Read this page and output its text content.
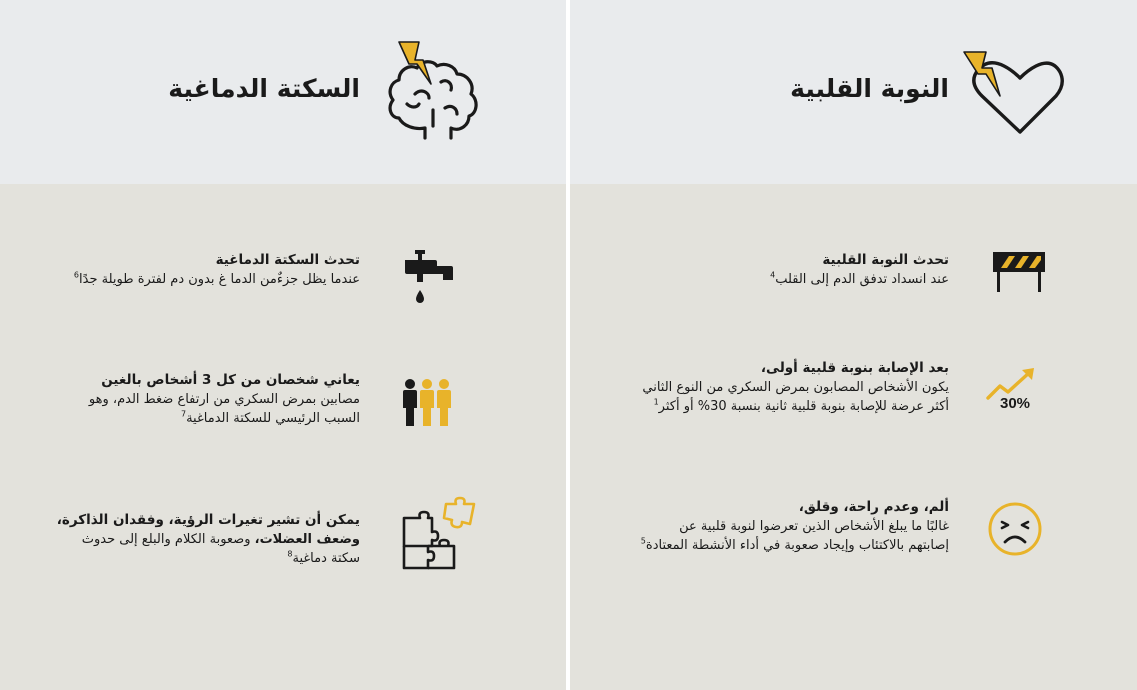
السكتة الدماغية
تحدث السكتة الدماغية
عندما يظل جزءٌمن الدما غ بدون دم لفترة طويلة جدًا$^6$
يعاني شخصان من كل 3 أشخاص بالغين
مصابين بمرض السكري من ارتفاع ضغط الدم، وهو
السبب الرئيسي للسكتة الدماغية$^7$
يمكن أن تشير تغيرات الرؤية، وفقدان الذاكرة،
وضعف العضلات، وصعوبة الكلام والبلع إلى حدوث
سكتة دماغية$^8$
النوبة القلبية
تحدث النوبة القلبية
عند انسداد تدفق الدم إلى القلب$^4$
30%
بعد الإصابة بنوبة قلبية أولى،
يكون الأشخاص المصابون بمرض السكري من النوع الثاني
أكثر عرضة للإصابة بنوبة قلبية ثانية بنسبة 30% أو أكثر$^1$
ألم، وعدم راحة، وقلق،
غالبًا ما يبلغ الأشخاص الذين تعرضوا لنوبة قلبية عن
إصابتهم بالاكتئاب وإيجاد صعوبة في أداء الأنشطة المعتادة$^5$
